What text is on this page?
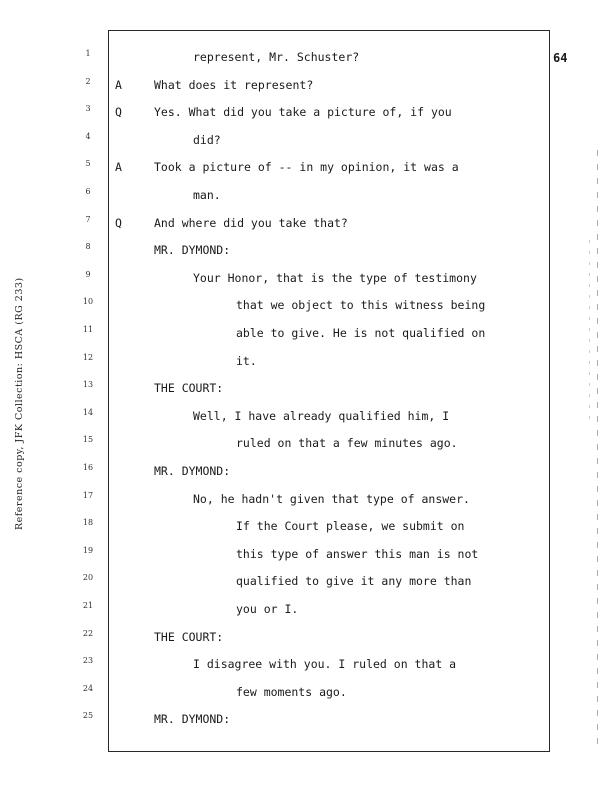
Reference copy, JFK Collection: HSCA (RG 233)
64
1	represent, Mr. Schuster?
2	A	What does it represent?
3	Q	Yes. What did you take a picture of, if you
4	did?
5	A	Took a picture of -- in my opinion, it was a
6	man.
7	Q	And where did you take that?
8	MR. DYMOND:
9	Your Honor, that is the type of testimony
10	that we object to this witness being
11	able to give. He is not qualified on
12	it.
13	THE COURT:
14	Well, I have already qualified him, I
15	ruled on that a few minutes ago.
16	MR. DYMOND:
17	No, he hadn't given that type of answer.
18	If the Court please, we submit on
19	this type of answer this man is not
20	qualified to give it any more than
21	you or I.
22	THE COURT:
23	I disagree with you. I ruled on that a
24	few moments ago.
25	MR. DYMOND:
